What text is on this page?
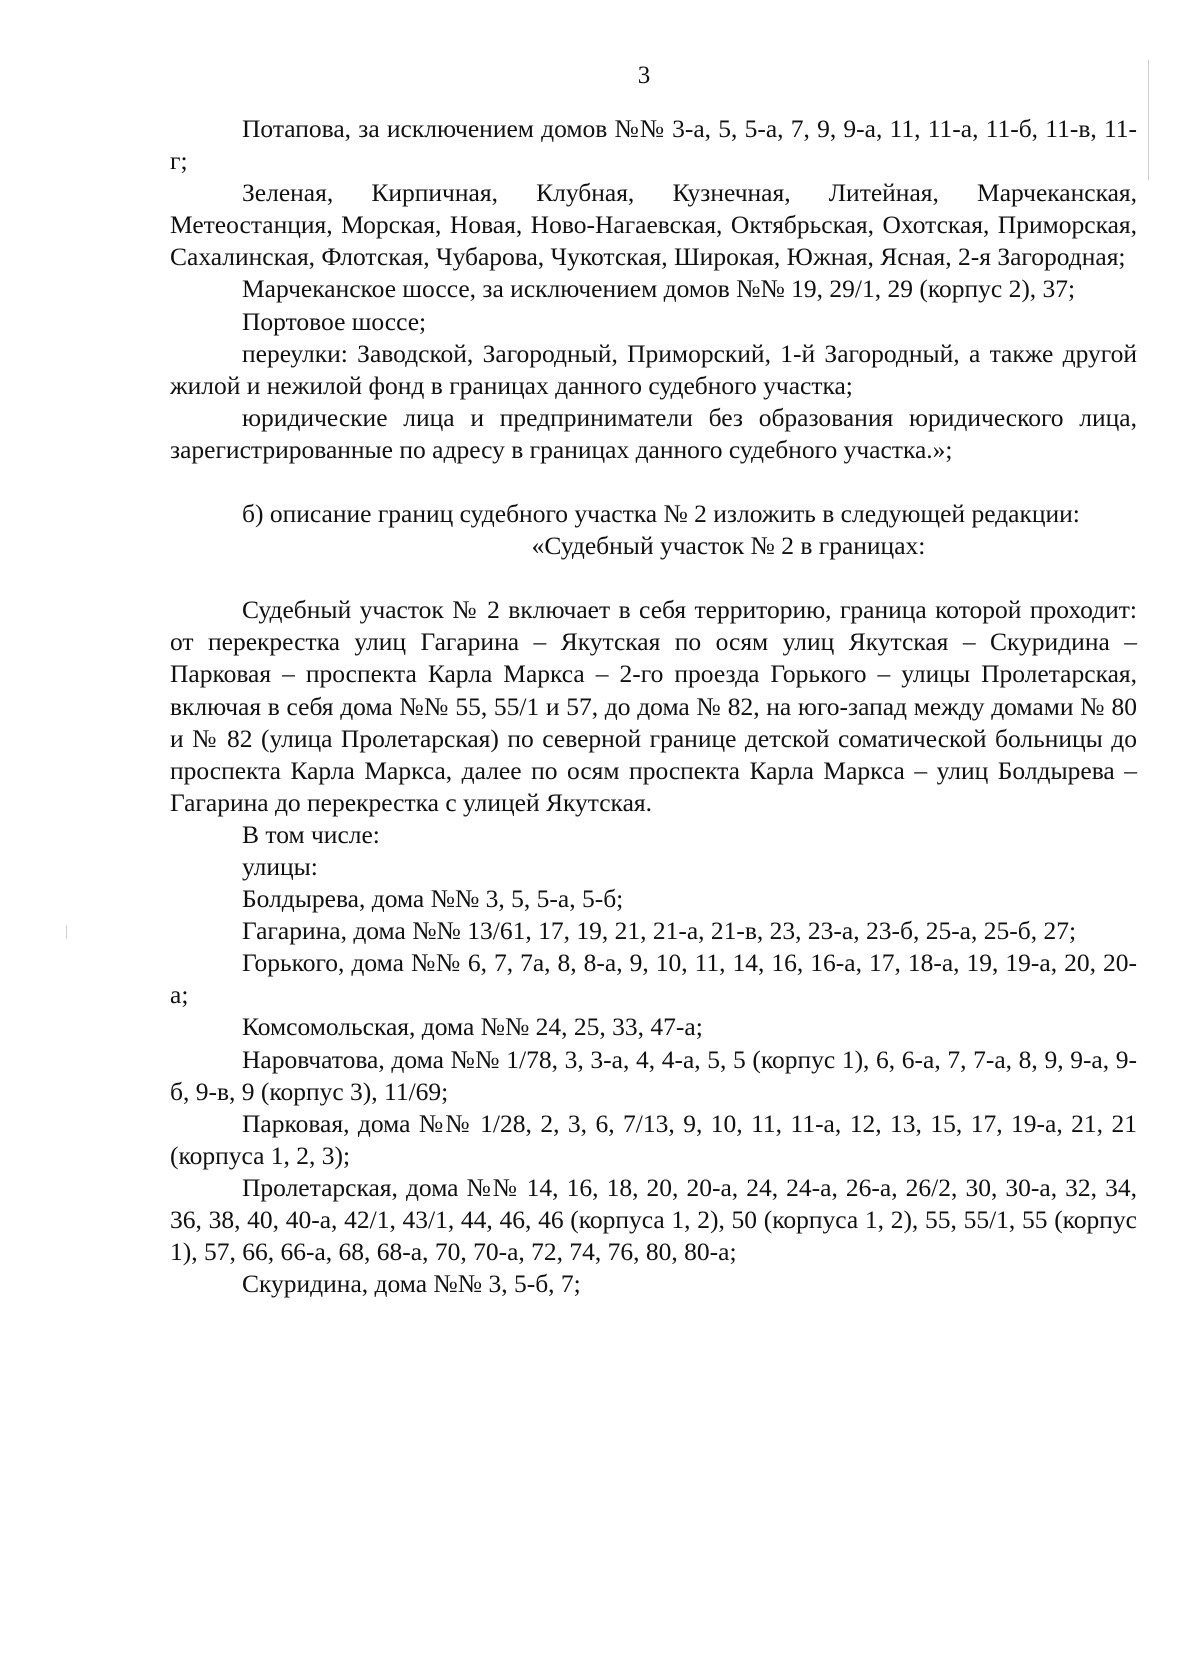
3

Потапова, за исключением домов №№ 3-а, 5, 5-а, 7, 9, 9-а, 11, 11-а, 11-б, 11-в, 11-г;

Зеленая, Кирпичная, Клубная, Кузнечная, Литейная, Марчеканская, Метеостанция, Морская, Новая, Ново-Нагаевская, Октябрьская, Охотская, Приморская, Сахалинская, Флотская, Чубарова, Чукотская, Широкая, Южная, Ясная, 2-я Загородная;

Марчеканское шоссе, за исключением домов №№ 19, 29/1, 29 (корпус 2), 37;

Портовое шоссе;

переулки: Заводской, Загородный, Приморский, 1-й Загородный, а также другой жилой и нежилой фонд в границах данного судебного участка;

юридические лица и предприниматели без образования юридического лица, зарегистрированные по адресу в границах данного судебного участка.»;

б) описание границ судебного участка № 2 изложить в следующей редакции:

«Судебный участок № 2 в границах:

Судебный участок № 2 включает в себя территорию, граница которой проходит: от перекрестка улиц Гагарина – Якутская по осям улиц Якутская – Скуридина – Парковая – проспекта Карла Маркса – 2-го проезда Горького – улицы Пролетарская, включая в себя дома №№ 55, 55/1 и 57, до дома № 82, на юго-запад между домами № 80 и № 82 (улица Пролетарская) по северной границе детской соматической больницы до проспекта Карла Маркса, далее по осям проспекта Карла Маркса – улиц Болдырева – Гагарина до перекрестка с улицей Якутская.

В том числе:

улицы:

Болдырева, дома №№ 3, 5, 5-а, 5-б;

Гагарина, дома №№ 13/61, 17, 19, 21, 21-а, 21-в, 23, 23-а, 23-б, 25-а, 25-б, 27;

Горького, дома №№ 6, 7, 7а, 8, 8-а, 9, 10, 11, 14, 16, 16-а, 17, 18-а, 19, 19-а, 20, 20-а;

Комсомольская, дома №№ 24, 25, 33, 47-а;

Наровчатова, дома №№ 1/78, 3, 3-а, 4, 4-а, 5, 5 (корпус 1), 6, 6-а, 7, 7-а, 8, 9, 9-а, 9-б, 9-в, 9 (корпус 3), 11/69;

Парковая, дома №№ 1/28, 2, 3, 6, 7/13, 9, 10, 11, 11-а, 12, 13, 15, 17, 19-а, 21, 21 (корпуса 1, 2, 3);

Пролетарская, дома №№ 14, 16, 18, 20, 20-а, 24, 24-а, 26-а, 26/2, 30, 30-а, 32, 34, 36, 38, 40, 40-а, 42/1, 43/1, 44, 46, 46 (корпуса 1, 2), 50 (корпуса 1, 2), 55, 55/1, 55 (корпус 1), 57, 66, 66-а, 68, 68-а, 70, 70-а, 72, 74, 76, 80, 80-а;

Скуридина, дома №№ 3, 5-б, 7;
